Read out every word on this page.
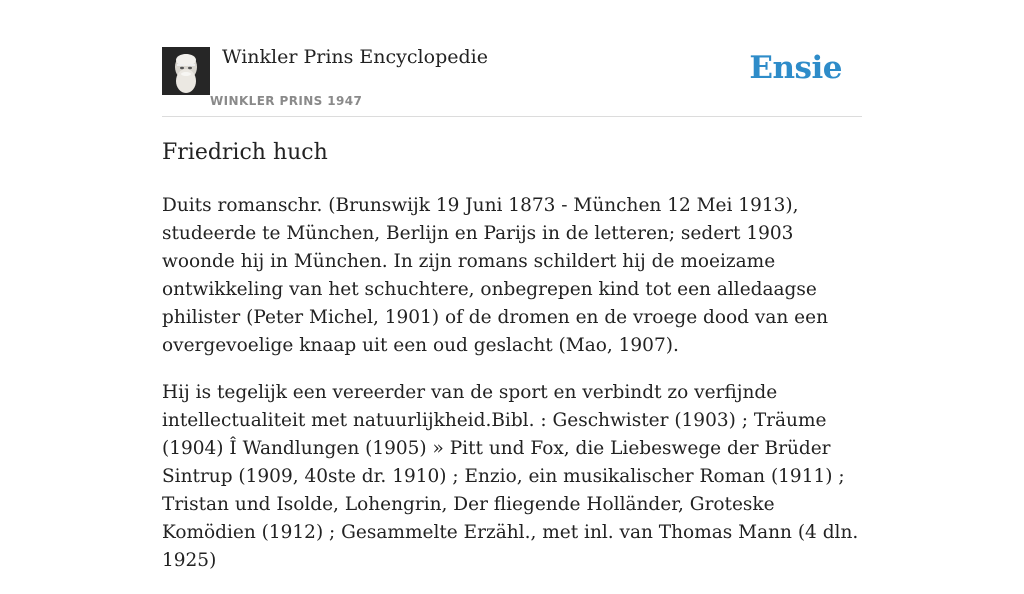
Winkler Prins Encyclopedie
WINKLER PRINS 1947
Ensie
Friedrich huch

Duits romanschr. (Brunswijk 19 Juni 1873 - München 12 Mei 1913), studeerde te München, Berlijn en Parijs in de letteren; sedert 1903 woonde hij in München. In zijn romans schildert hij de moeizame ontwikkeling van het schuchtere, onbegrepen kind tot een alledaagse philister (Peter Michel, 1901) of de dromen en de vroege dood van een overgevoelige knaap uit een oud geslacht (Mao, 1907).

Hij is tegelijk een vereerder van de sport en verbindt zo verfijnde intellectualiteit met natuurlijkheid.Bibl. : Geschwister (1903) ; Träume (1904) Î Wandlungen (1905) » Pitt und Fox, die Liebeswege der Brüder Sintrup (1909, 40ste dr. 1910) ; Enzio, ein musikalischer Roman (1911) ; Tristan und Isolde, Lohengrin, Der fliegende Holländer, Groteske Komödien (1912) ; Gesammelte Erzähl., met inl. van Thomas Mann (4 dln. 1925)
